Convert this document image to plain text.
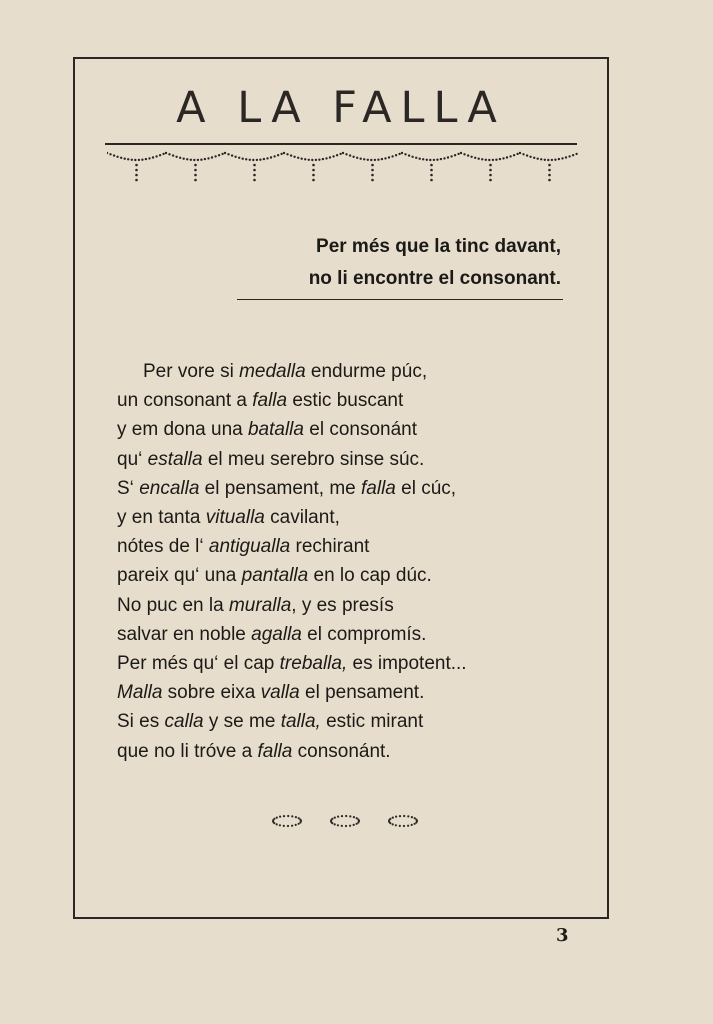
A LA FALLA
Per més que la tinc davant,
no li encontre el consonant.
Per vore si medalla endurme púc,
un consonant a falla estic buscant
y em dona una batalla el consonánt
qu‘ estalla el meu serebro sinse súc.
S‘ encalla el pensament, me falla el cúc,
y en tanta vitualla cavilant,
nótes de l‘ antigualla rechirant
pareix qu‘ una pantalla en lo cap dúc.
No puc en la muralla, y es presís
salvar en noble agalla el compromís.
Per més qu‘ el cap treballa, es impotent...
Malla sobre eixa valla el pensament.
Si es calla y se me talla, estic mirant
que no li tróve a falla consonánt.
3
